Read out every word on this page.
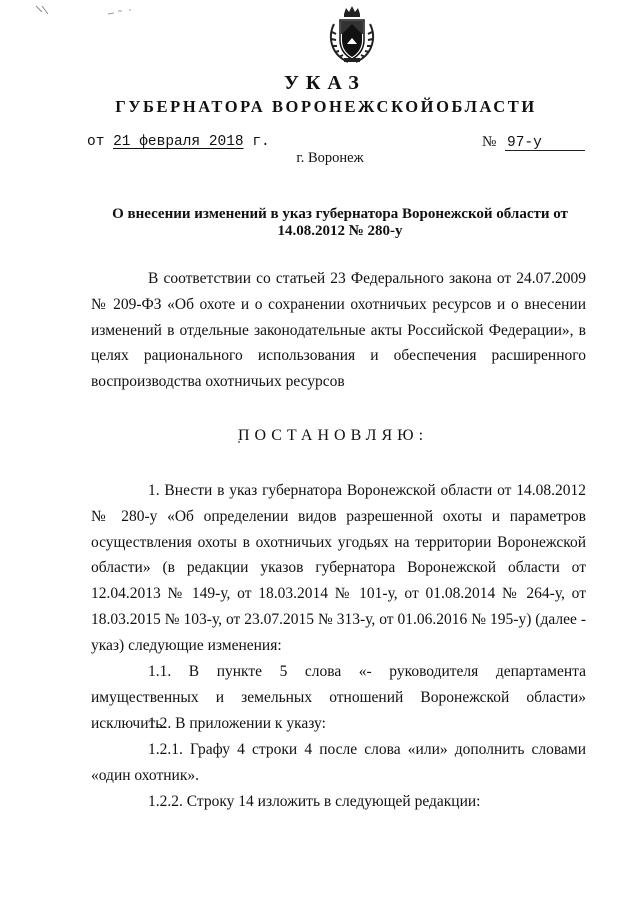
УКАЗ
ГУБЕРНАТОРА ВОРОНЕЖСКОЙОБЛАСТИ
от 21 февраля 2018 г.	№ 97-у
г. Воронеж
О внесении изменений в указ губернатора Воронежской области от 14.08.2012 № 280-у
В соответствии со статьей 23 Федерального закона от 24.07.2009 № 209-ФЗ «Об охоте и о сохранении охотничьих ресурсов и о внесении изменений в отдельные законодательные акты Российской Федерации», в целях рационального использования и обеспечения расширенного воспроизводства охотничьих ресурсов
ПОСТАНОВЛЯЮ:
1. Внести в указ губернатора Воронежской области от 14.08.2012 № 280-у «Об определении видов разрешенной охоты и параметров осуществления охоты в охотничьих угодьях на территории Воронежской области» (в редакции указов губернатора Воронежской области от 12.04.2013 № 149-у, от 18.03.2014 № 101-у, от 01.08.2014 № 264-у, от 18.03.2015 № 103-у, от 23.07.2015 № 313-у, от 01.06.2016 № 195-у) (далее - указ) следующие изменения:
1.1. В пункте 5 слова «- руководителя департамента имущественных и земельных отношений Воронежской области» исключить.
1.2. В приложении к указу:
1.2.1. Графу 4 строки 4 после слова «или» дополнить словами «один охотник».
1.2.2. Строку 14 изложить в следующей редакции:
